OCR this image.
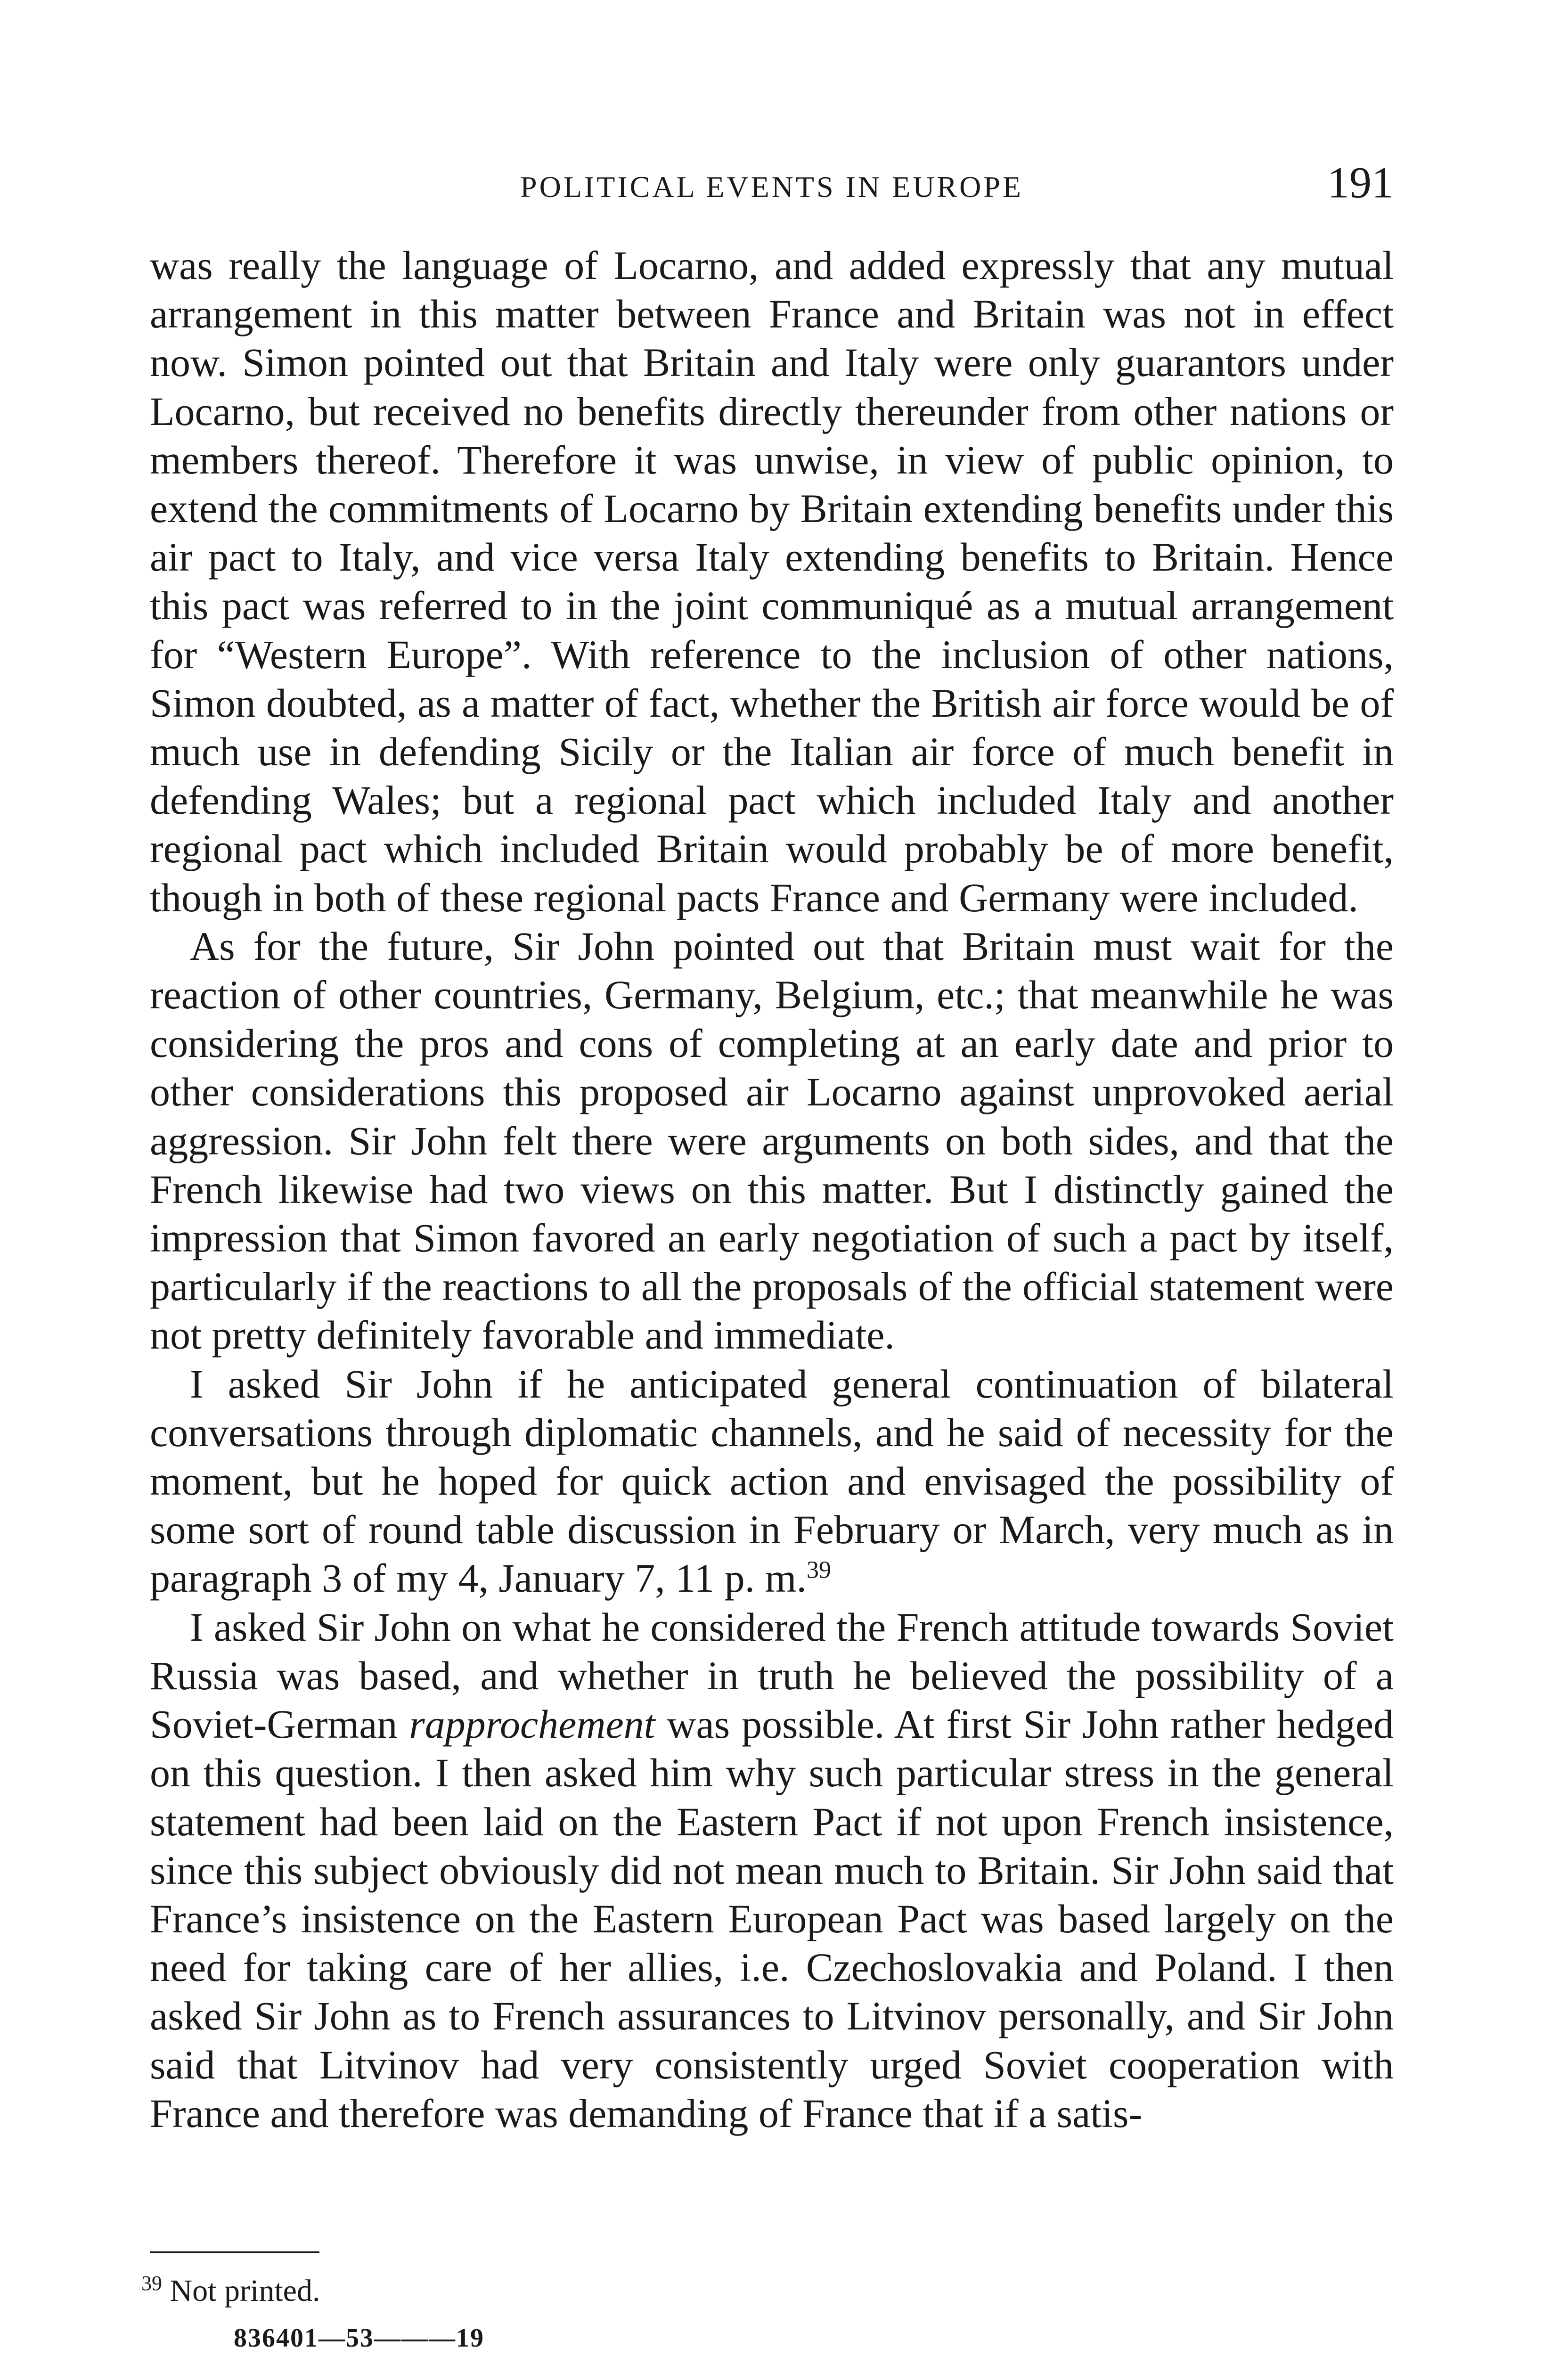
POLITICAL EVENTS IN EUROPE	191

was really the language of Locarno, and added expressly that any mutual arrangement in this matter between France and Britain was not in effect now. Simon pointed out that Britain and Italy were only guarantors under Locarno, but received no benefits directly thereunder from other nations or members thereof. Therefore it was unwise, in view of public opinion, to extend the commitments of Locarno by Britain extending benefits under this air pact to Italy, and vice versa Italy extending benefits to Britain. Hence this pact was referred to in the joint communiqué as a mutual arrangement for “Western Europe”. With reference to the inclusion of other nations, Simon doubted, as a matter of fact, whether the British air force would be of much use in defending Sicily or the Italian air force of much benefit in defending Wales; but a regional pact which included Italy and another regional pact which included Britain would probably be of more benefit, though in both of these regional pacts France and Germany were included.

As for the future, Sir John pointed out that Britain must wait for the reaction of other countries, Germany, Belgium, etc.; that meanwhile he was considering the pros and cons of completing at an early date and prior to other considerations this proposed air Locarno against unprovoked aerial aggression. Sir John felt there were arguments on both sides, and that the French likewise had two views on this matter. But I distinctly gained the impression that Simon favored an early negotiation of such a pact by itself, particularly if the reactions to all the proposals of the official statement were not pretty definitely favorable and immediate.

I asked Sir John if he anticipated general continuation of bilateral conversations through diplomatic channels, and he said of necessity for the moment, but he hoped for quick action and envisaged the possibility of some sort of round table discussion in February or March, very much as in paragraph 3 of my 4, January 7, 11 p. m.$^{39}$

I asked Sir John on what he considered the French attitude towards Soviet Russia was based, and whether in truth he believed the possibility of a Soviet-German rapprochement was possible. At first Sir John rather hedged on this question. I then asked him why such particular stress in the general statement had been laid on the Eastern Pact if not upon French insistence, since this subject obviously did not mean much to Britain. Sir John said that France’s insistence on the Eastern European Pact was based largely on the need for taking care of her allies, i.e. Czechoslovakia and Poland. I then asked Sir John as to French assurances to Litvinov personally, and Sir John said that Litvinov had very consistently urged Soviet cooperation with France and therefore was demanding of France that if a satis-

$^{39}$ Not printed.
836401—53———19
